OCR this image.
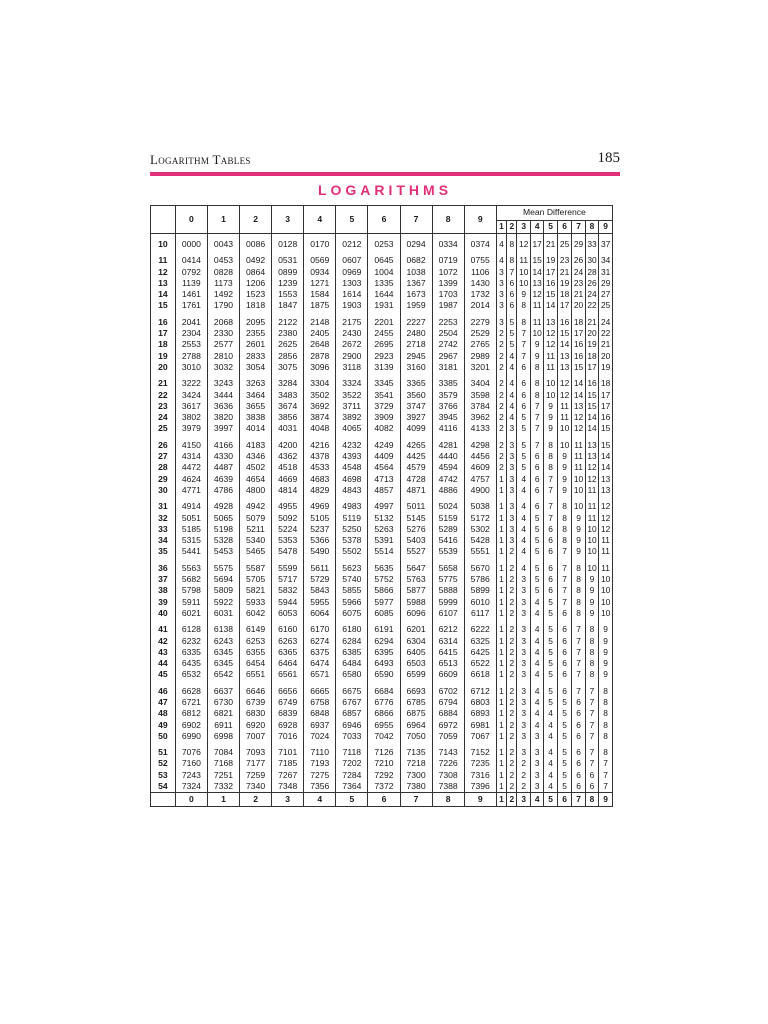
Logarithm Tables	185
LOGARITHMS
	0	1	2	3	4	5	6	7	8	9	Mean Difference								
											1	2	3	4	5	6	7	8	9

10	0000	0043	0086	0128	0170	0212	0253	0294	0334	0374	4	8	12	17	21	25	29	33	37

11	0414	0453	0492	0531	0569	0607	0645	0682	0719	0755	4	8	11	15	19	23	26	30	34
12	0792	0828	0864	0899	0934	0969	1004	1038	1072	1106	3	7	10	14	17	21	24	28	31
13	1139	1173	1206	1239	1271	1303	1335	1367	1399	1430	3	6	10	13	16	19	23	26	29
14	1461	1492	1523	1553	1584	1614	1644	1673	1703	1732	3	6	9	12	15	18	21	24	27
15	1761	1790	1818	1847	1875	1903	1931	1959	1987	2014	3	6	8	11	14	17	20	22	25

16	2041	2068	2095	2122	2148	2175	2201	2227	2253	2279	3	5	8	11	13	16	18	21	24
17	2304	2330	2355	2380	2405	2430	2455	2480	2504	2529	2	5	7	10	12	15	17	20	22
18	2553	2577	2601	2625	2648	2672	2695	2718	2742	2765	2	5	7	9	12	14	16	19	21
19	2788	2810	2833	2856	2878	2900	2923	2945	2967	2989	2	4	7	9	11	13	16	18	20
20	3010	3032	3054	3075	3096	3118	3139	3160	3181	3201	2	4	6	8	11	13	15	17	19

21	3222	3243	3263	3284	3304	3324	3345	3365	3385	3404	2	4	6	8	10	12	14	16	18
22	3424	3444	3464	3483	3502	3522	3541	3560	3579	3598	2	4	6	8	10	12	14	15	17
23	3617	3636	3655	3674	3692	3711	3729	3747	3766	3784	2	4	6	7	9	11	13	15	17
24	3802	3820	3838	3856	3874	3892	3909	3927	3945	3962	2	4	5	7	9	11	12	14	16
25	3979	3997	4014	4031	4048	4065	4082	4099	4116	4133	2	3	5	7	9	10	12	14	15

26	4150	4166	4183	4200	4216	4232	4249	4265	4281	4298	2	3	5	7	8	10	11	13	15
27	4314	4330	4346	4362	4378	4393	4409	4425	4440	4456	2	3	5	6	8	9	11	13	14
28	4472	4487	4502	4518	4533	4548	4564	4579	4594	4609	2	3	5	6	8	9	11	12	14
29	4624	4639	4654	4669	4683	4698	4713	4728	4742	4757	1	3	4	6	7	9	10	12	13
30	4771	4786	4800	4814	4829	4843	4857	4871	4886	4900	1	3	4	6	7	9	10	11	13

31	4914	4928	4942	4955	4969	4983	4997	5011	5024	5038	1	3	4	6	7	8	10	11	12
32	5051	5065	5079	5092	5105	5119	5132	5145	5159	5172	1	3	4	5	7	8	9	11	12
33	5185	5198	5211	5224	5237	5250	5263	5276	5289	5302	1	3	4	5	6	8	9	10	12
34	5315	5328	5340	5353	5366	5378	5391	5403	5416	5428	1	3	4	5	6	8	9	10	11
35	5441	5453	5465	5478	5490	5502	5514	5527	5539	5551	1	2	4	5	6	7	9	10	11

36	5563	5575	5587	5599	5611	5623	5635	5647	5658	5670	1	2	4	5	6	7	8	10	11
37	5682	5694	5705	5717	5729	5740	5752	5763	5775	5786	1	2	3	5	6	7	8	9	10
38	5798	5809	5821	5832	5843	5855	5866	5877	5888	5899	1	2	3	5	6	7	8	9	10
39	5911	5922	5933	5944	5955	5966	5977	5988	5999	6010	1	2	3	4	5	7	8	9	10
40	6021	6031	6042	6053	6064	6075	6085	6096	6107	6117	1	2	3	4	5	6	8	9	10

41	6128	6138	6149	6160	6170	6180	6191	6201	6212	6222	1	2	3	4	5	6	7	8	9
42	6232	6243	6253	6263	6274	6284	6294	6304	6314	6325	1	2	3	4	5	6	7	8	9
43	6335	6345	6355	6365	6375	6385	6395	6405	6415	6425	1	2	3	4	5	6	7	8	9
44	6435	6345	6454	6464	6474	6484	6493	6503	6513	6522	1	2	3	4	5	6	7	8	9
45	6532	6542	6551	6561	6571	6580	6590	6599	6609	6618	1	2	3	4	5	6	7	8	9

46	6628	6637	6646	6656	6665	6675	6684	6693	6702	6712	1	2	3	4	5	6	7	7	8
47	6721	6730	6739	6749	6758	6767	6776	6785	6794	6803	1	2	3	4	5	5	6	7	8
48	6812	6821	6830	6839	6848	6857	6866	6875	6884	6893	1	2	3	4	4	5	6	7	8
49	6902	6911	6920	6928	6937	6946	6955	6964	6972	6981	1	2	3	4	4	5	6	7	8
50	6990	6998	7007	7016	7024	7033	7042	7050	7059	7067	1	2	3	3	4	5	6	7	8

51	7076	7084	7093	7101	7110	7118	7126	7135	7143	7152	1	2	3	3	4	5	6	7	8
52	7160	7168	7177	7185	7193	7202	7210	7218	7226	7235	1	2	2	3	4	5	6	7	7
53	7243	7251	7259	7267	7275	7284	7292	7300	7308	7316	1	2	2	3	4	5	6	6	7
54	7324	7332	7340	7348	7356	7364	7372	7380	7388	7396	1	2	2	3	4	5	6	6	7
	0	1	2	3	4	5	6	7	8	9	1	2	3	4	5	6	7	8	9
